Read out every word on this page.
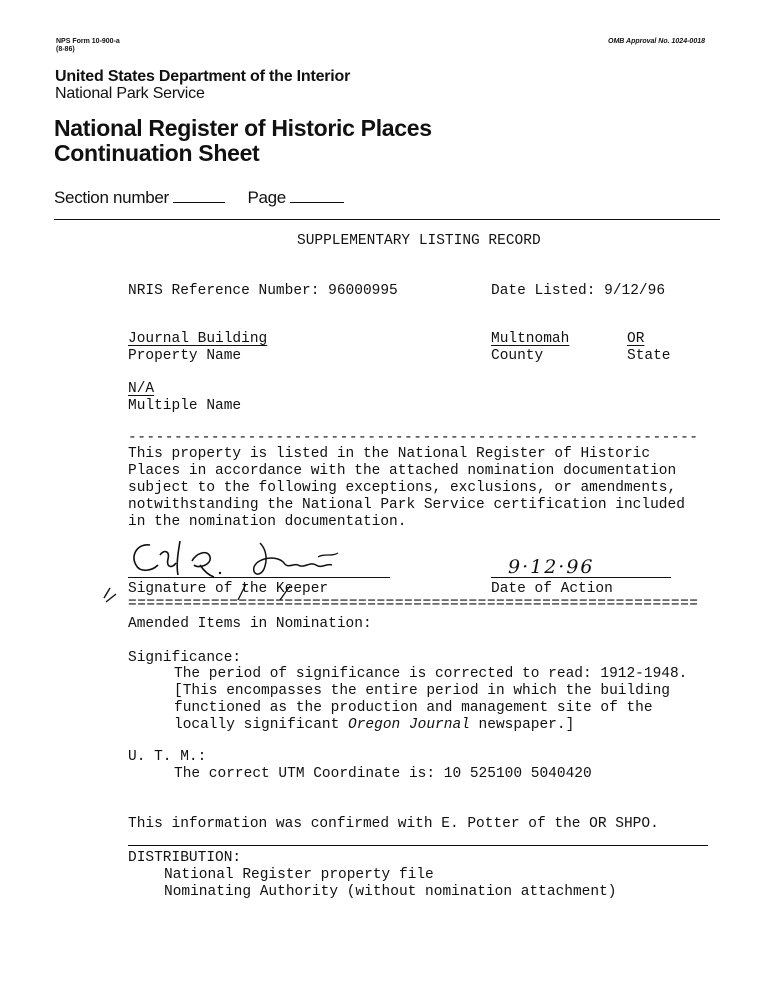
NPS Form 10-900-a
(8-86)
OMB Approval No. 1024-0018
United States Department of the Interior
National Park Service
National Register of Historic Places
Continuation Sheet
Section number	Page
SUPPLEMENTARY LISTING RECORD
NRIS Reference Number: 96000995	Date Listed: 9/12/96
Journal Building
Property Name
Multnomah
County
OR
State
N/A
Multiple Name
--------------------------------------------------------------
This property is listed in the National Register of Historic
Places in accordance with the attached nomination documentation
subject to the following exceptions, exclusions, or amendments,
notwithstanding the National Park Service certification included
in the nomination documentation.
Signature of the Keeper
9·12·96
Date of Action
==============================================================
Amended Items in Nomination:
Significance:
The period of significance is corrected to read: 1912-1948.
[This encompasses the entire period in which the building
functioned as the production and management site of the
locally significant Oregon Journal newspaper.]
U. T. M.:
The correct UTM Coordinate is: 10 525100 5040420
This information was confirmed with E. Potter of the OR SHPO.
DISTRIBUTION:
National Register property file
Nominating Authority (without nomination attachment)
